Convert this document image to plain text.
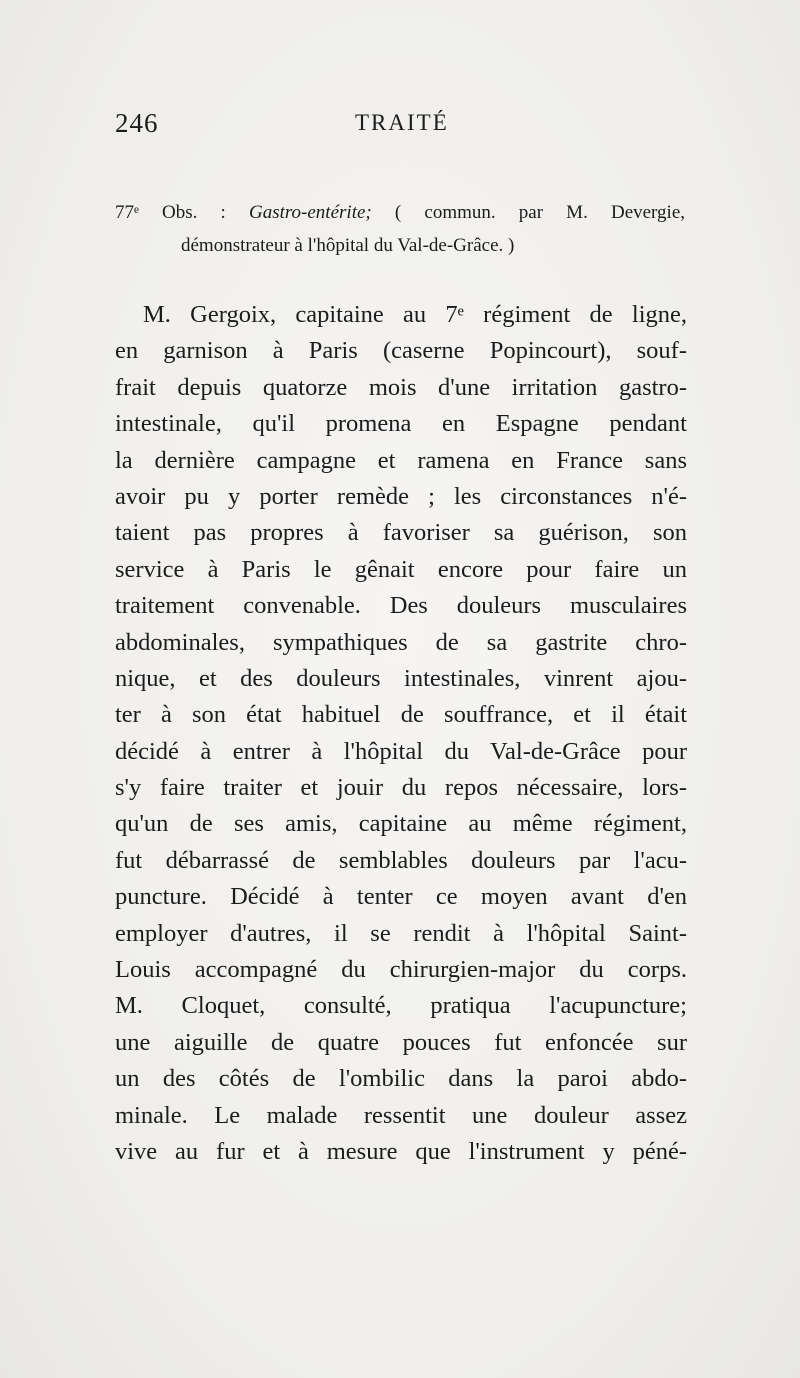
246	TRAITÉ
77ᵉ Obs. : Gastro-entérite; ( commun. par M. Devergie,
démonstrateur à l'hôpital du Val-de-Grâce. )
M. Gergoix, capitaine au 7ᵉ régiment de ligne,
en garnison à Paris (caserne Popincourt), souf-
frait depuis quatorze mois d'une irritation gastro-
intestinale, qu'il promena en Espagne pendant
la dernière campagne et ramena en France sans
avoir pu y porter remède ; les circonstances n'é-
taient pas propres à favoriser sa guérison, son
service à Paris le gênait encore pour faire un
traitement convenable. Des douleurs musculaires
abdominales, sympathiques de sa gastrite chro-
nique, et des douleurs intestinales, vinrent ajou-
ter à son état habituel de souffrance, et il était
décidé à entrer à l'hôpital du Val-de-Grâce pour
s'y faire traiter et jouir du repos nécessaire, lors-
qu'un de ses amis, capitaine au même régiment,
fut débarrassé de semblables douleurs par l'acu-
puncture. Décidé à tenter ce moyen avant d'en
employer d'autres, il se rendit à l'hôpital Saint-
Louis accompagné du chirurgien-major du corps.
M. Cloquet, consulté, pratiqua l'acupuncture;
une aiguille de quatre pouces fut enfoncée sur
un des côtés de l'ombilic dans la paroi abdo-
minale. Le malade ressentit une douleur assez
vive au fur et à mesure que l'instrument y péné-
